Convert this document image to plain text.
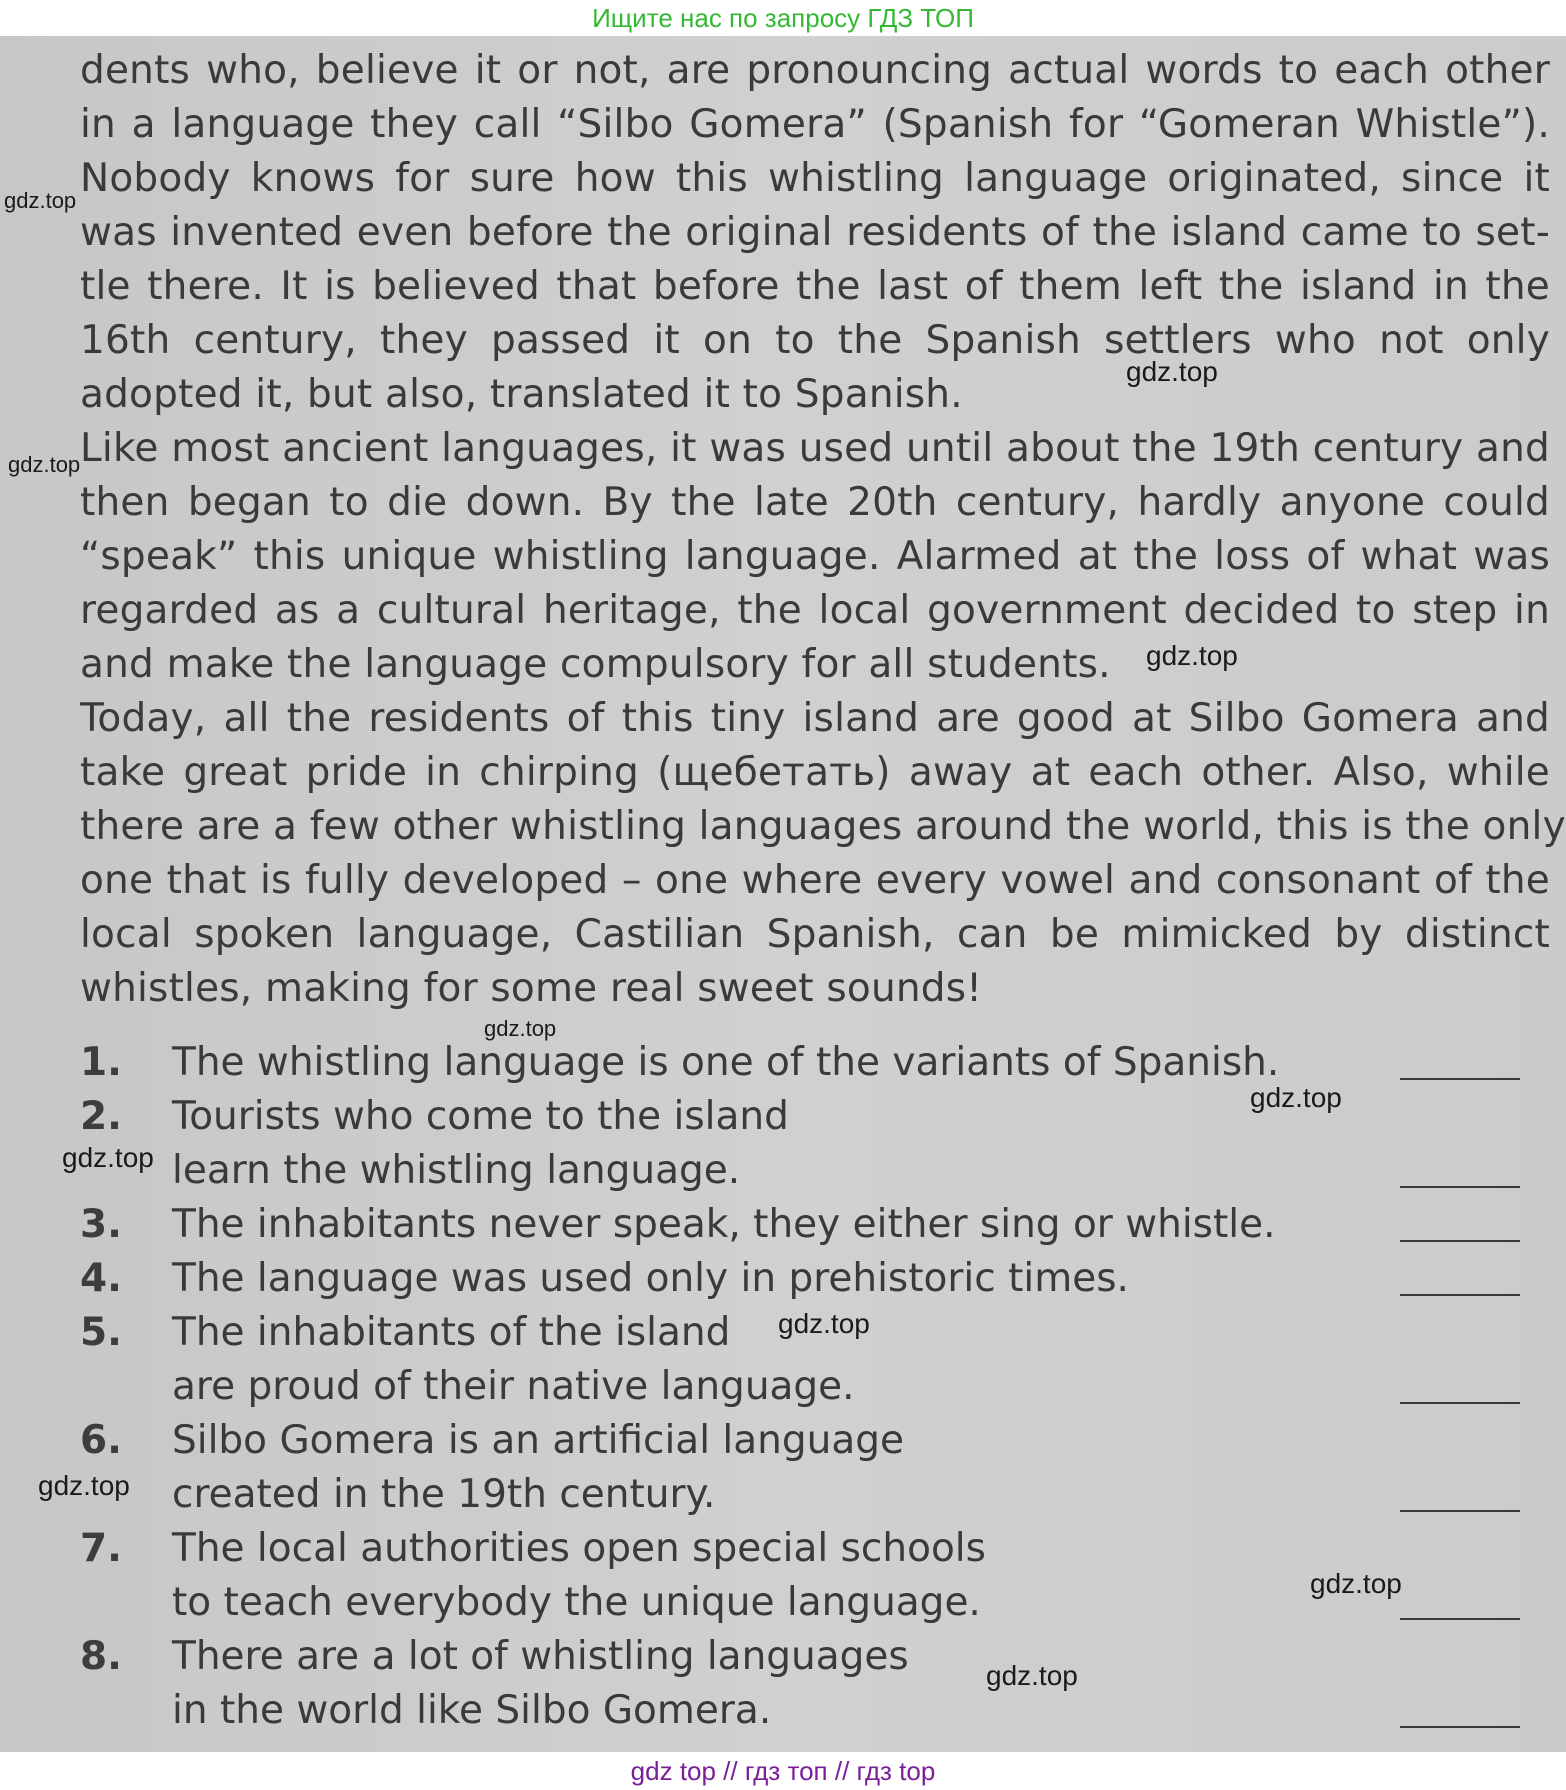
Ищите нас по запросу ГДЗ ТОП

dents who, believe it or not, are pronouncing actual words to each other
in a language they call “Silbo Gomera” (Spanish for “Gomeran Whistle”).
Nobody knows for sure how this whistling language originated, since it
was invented even before the original residents of the island came to set-
tle there. It is believed that before the last of them left the island in the
16th century, they passed it on to the Spanish settlers who not only
adopted it, but also, translated it to Spanish.
Like most ancient languages, it was used until about the 19th century and
then began to die down. By the late 20th century, hardly anyone could
“speak” this unique whistling language. Alarmed at the loss of what was
regarded as a cultural heritage, the local government decided to step in
and make the language compulsory for all students.
Today, all the residents of this tiny island are good at Silbo Gomera and
take great pride in chirping (щебетать) away at each other. Also, while
there are a few other whistling languages around the world, this is the only
one that is fully developed – one where every vowel and consonant of the
local spoken language, Castilian Spanish, can be mimicked by distinct
whistles, making for some real sweet sounds!

1.	The whistling language is one of the variants of Spanish.
2.	Tourists who come to the island
learn the whistling language.
3.	The inhabitants never speak, they either sing or whistle.
4.	The language was used only in prehistoric times.
5.	The inhabitants of the island
are proud of their native language.
6.	Silbo Gomera is an artificial language
created in the 19th century.
7.	The local authorities open special schools
to teach everybody the unique language.
8.	There are a lot of whistling languages
in the world like Silbo Gomera.
gdz.top
gdz.top
gdz.top
gdz.top
gdz.top
gdz.top
gdz.top
gdz.top
gdz.top
gdz.top
gdz.top
gdz top // гдз топ // гдз top
